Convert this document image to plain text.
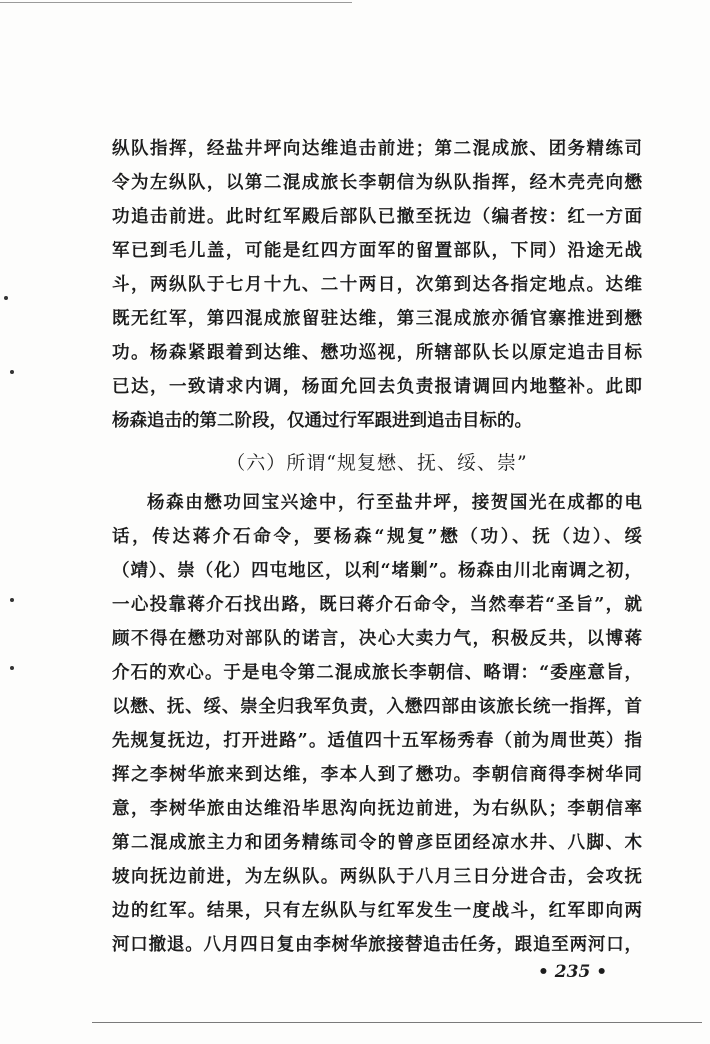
纵队指挥，经盐井坪向达维追击前进；第二混成旅、团务精练司
令为左纵队，以第二混成旅长李朝信为纵队指挥，经木壳壳向懋
功追击前进。此时红军殿后部队已撤至抚边（编者按：红一方面
军已到毛儿盖，可能是红四方面军的留置部队，下同）沿途无战
斗，两纵队于七月十九、二十两日，次第到达各指定地点。达维
既无红军，第四混成旅留驻达维，第三混成旅亦循官寨推进到懋
功。杨森紧跟着到达维、懋功巡视，所辖部队长以原定追击目标
已达，一致请求内调，杨面允回去负责报请调回内地整补。此即
杨森追击的第二阶段，仅通过行军跟进到追击目标的。
（六）所谓“规复懋、抚、绥、崇”
杨森由懋功回宝兴途中，行至盐井坪，接贺国光在成都的电
话，传达蒋介石命令，要杨森“规复”懋（功）、抚（边）、绥
（靖）、崇（化）四屯地区，以利“堵剿”。杨森由川北南调之初，
一心投靠蒋介石找出路，既曰蒋介石命令，当然奉若“圣旨”，就
顾不得在懋功对部队的诺言，决心大卖力气，积极反共，以博蒋
介石的欢心。于是电令第二混成旅长李朝信、略谓：“委座意旨，
以懋、抚、绥、崇全归我军负责，入懋四部由该旅长统一指挥，首
先规复抚边，打开进路”。适值四十五军杨秀春（前为周世英）指
挥之李树华旅来到达维，李本人到了懋功。李朝信商得李树华同
意，李树华旅由达维沿毕思沟向抚边前进，为右纵队；李朝信率
第二混成旅主力和团务精练司令的曾彦臣团经凉水井、八脚、木
坡向抚边前进，为左纵队。两纵队于八月三日分进合击，会攻抚
边的红军。结果，只有左纵队与红军发生一度战斗，红军即向两
河口撤退。八月四日复由李树华旅接替追击任务，跟追至两河口，
• 235 •
